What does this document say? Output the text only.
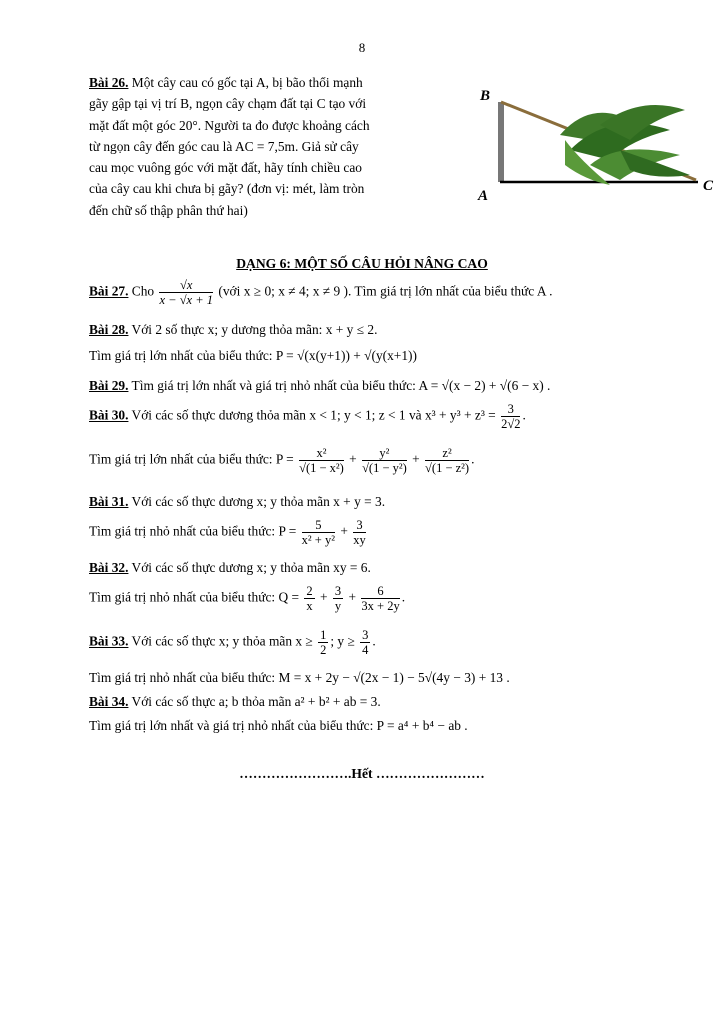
8
Bài 26. Một cây cau có gốc tại A, bị bão thổi mạnh
gãy gập tại vị trí B, ngọn cây chạm đất tại C tạo với
mặt đất một góc 20°. Người ta đo được khoảng cách
từ ngọn cây đến góc cau là AC = 7,5m. Giả sử cây
cau mọc vuông góc với mặt đất, hãy tính chiều cao
của cây cau khi chưa bị gãy? (đơn vị: mét, làm tròn
đến chữ số thập phân thứ hai)
B
A
C
DẠNG 6: MỘT SỐ CÂU HỎI NÂNG CAO
Bài 27. Cho $\frac{√x}{x - √x + 1}$ (với x ≥ 0; x ≠ 4; x ≠ 9 ). Tìm giá trị lớn nhất của biểu thức A .
Bài 28. Với 2 số thực x; y dương thỏa mãn: x + y ≤ 2.
Tìm giá trị lớn nhất của biểu thức: P = √(x(y+1)) + √(y(x+1))
Bài 29. Tìm giá trị lớn nhất và giá trị nhỏ nhất của biểu thức: A = √(x − 2) + √(6 − x) .
Bài 30. Với các số thực dương thỏa mãn x < 1; y < 1; z < 1 và $x^3 + y^3 + z^3 = \frac{3}{2√2}$ .
Tìm giá trị lớn nhất của biểu thức: $P = \frac{\text{x²}}{\text{√(1 − x²)}} + \frac{\text{y²}}{\text{√(1 − y²)}} + \frac{\text{z²}}{\text{√(1 − z²)}}$ .
Bài 31. Với các số thực dương x; y thỏa mãn x + y = 3.
Tìm giá trị nhỏ nhất của biểu thức: $P = \frac{5}{\text{x² + y²}} + \frac{3}{xy}$
Bài 32. Với các số thực dương x; y thỏa mãn xy = 6.
Tìm giá trị nhỏ nhất của biểu thức: $Q = \frac{2}{x} + \frac{3}{y} + \frac{6}{3x + 2y}$ .
Bài 33. Với các số thực x; y thỏa mãn $x \ge \frac{1}{2}$ ; $y \ge \frac{3}{4}$ .
Tìm giá trị nhỏ nhất của biểu thức: M = x + 2y − √(2x − 1) − 5√(4y − 3) + 13 .
Bài 34. Với các số thực a; b thỏa mãn a² + b² + ab = 3.
Tìm giá trị lớn nhất và giá trị nhỏ nhất của biểu thức: P = a⁴ + b⁴ − ab .
…………………….Hết ……………………
